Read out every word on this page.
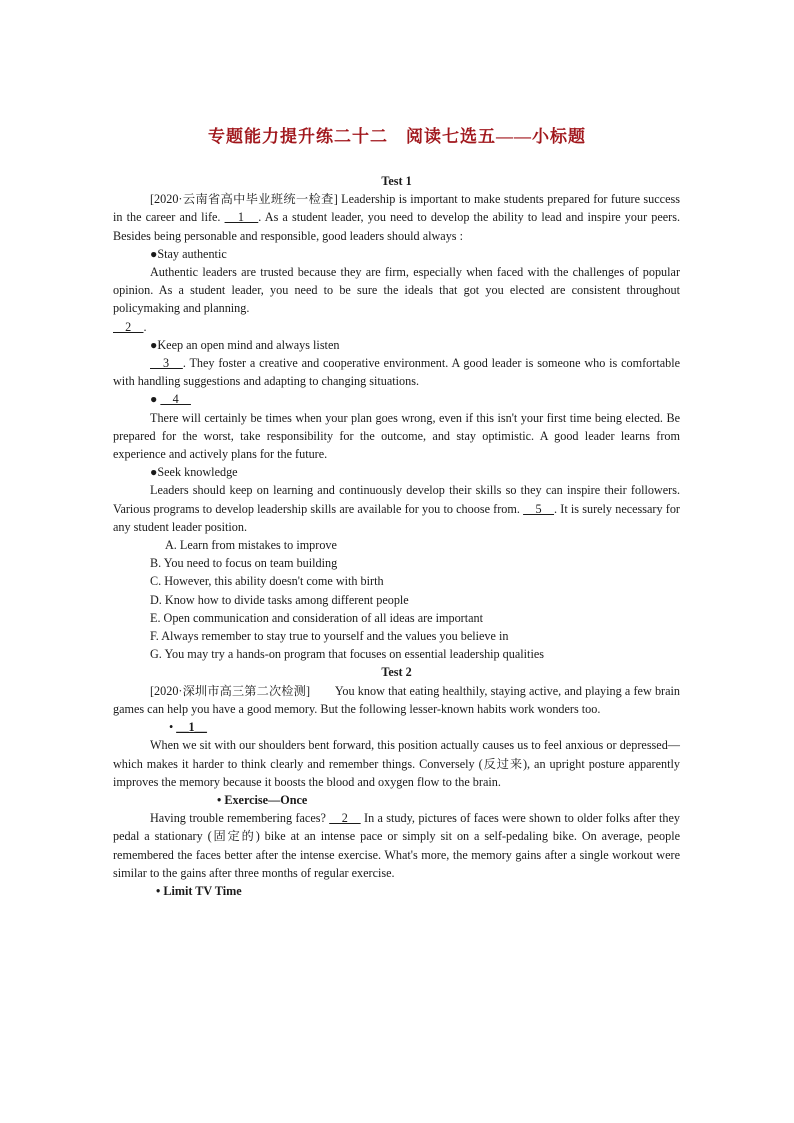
专题能力提升练二十二　阅读七选五——小标题

Test 1

[2020·云南省高中毕业班统一检查] Leadership is important to make students prepared for future success in the career and life. ＿1＿. As a student leader, you need to develop the ability to lead and inspire your peers. Besides being personable and responsible, good leaders should always :

●Stay authentic

Authentic leaders are trusted because they are firm, especially when faced with the challenges of popular opinion. As a student leader, you need to be sure the ideals that got you elected are consistent throughout policymaking and planning.

＿2＿.

●Keep an open mind and always listen

＿3＿. They foster a creative and cooperative environment. A good leader is someone who is comfortable with handling suggestions and adapting to changing situations.

● ＿4＿

There will certainly be times when your plan goes wrong, even if this isn't your first time being elected. Be prepared for the worst, take responsibility for the outcome, and stay optimistic. A good leader learns from experience and actively plans for the future.

●Seek knowledge

Leaders should keep on learning and continuously develop their skills so they can inspire their followers. Various programs to develop leadership skills are available for you to choose from. ＿5＿. It is surely necessary for any student leader position.

A. Learn from mistakes to improve

B. You need to focus on team building

C. However, this ability doesn't come with birth

D. Know how to divide tasks among different people

E. Open communication and consideration of all ideas are important

F. Always remember to stay true to yourself and the values you believe in

G. You may try a hands-on program that focuses on essential leadership qualities

Test 2

[2020·深圳市高三第二次检测]　　You know that eating healthily, staying active, and playing a few brain games can help you have a good memory. But the following lesser-known habits work wonders too.

• ＿1＿

When we sit with our shoulders bent forward, this position actually causes us to feel anxious or depressed—which makes it harder to think clearly and remember things. Conversely (反过来), an upright posture apparently improves the memory because it boosts the blood and oxygen flow to the brain.

• Exercise—Once

Having trouble remembering faces? ＿2＿ In a study, pictures of faces were shown to older folks after they pedal a stationary (固定的) bike at an intense pace or simply sit on a self-pedaling bike. On average, people remembered the faces better after the intense exercise. What's more, the memory gains after a single workout were similar to the gains after three months of regular exercise.

• Limit TV Time
